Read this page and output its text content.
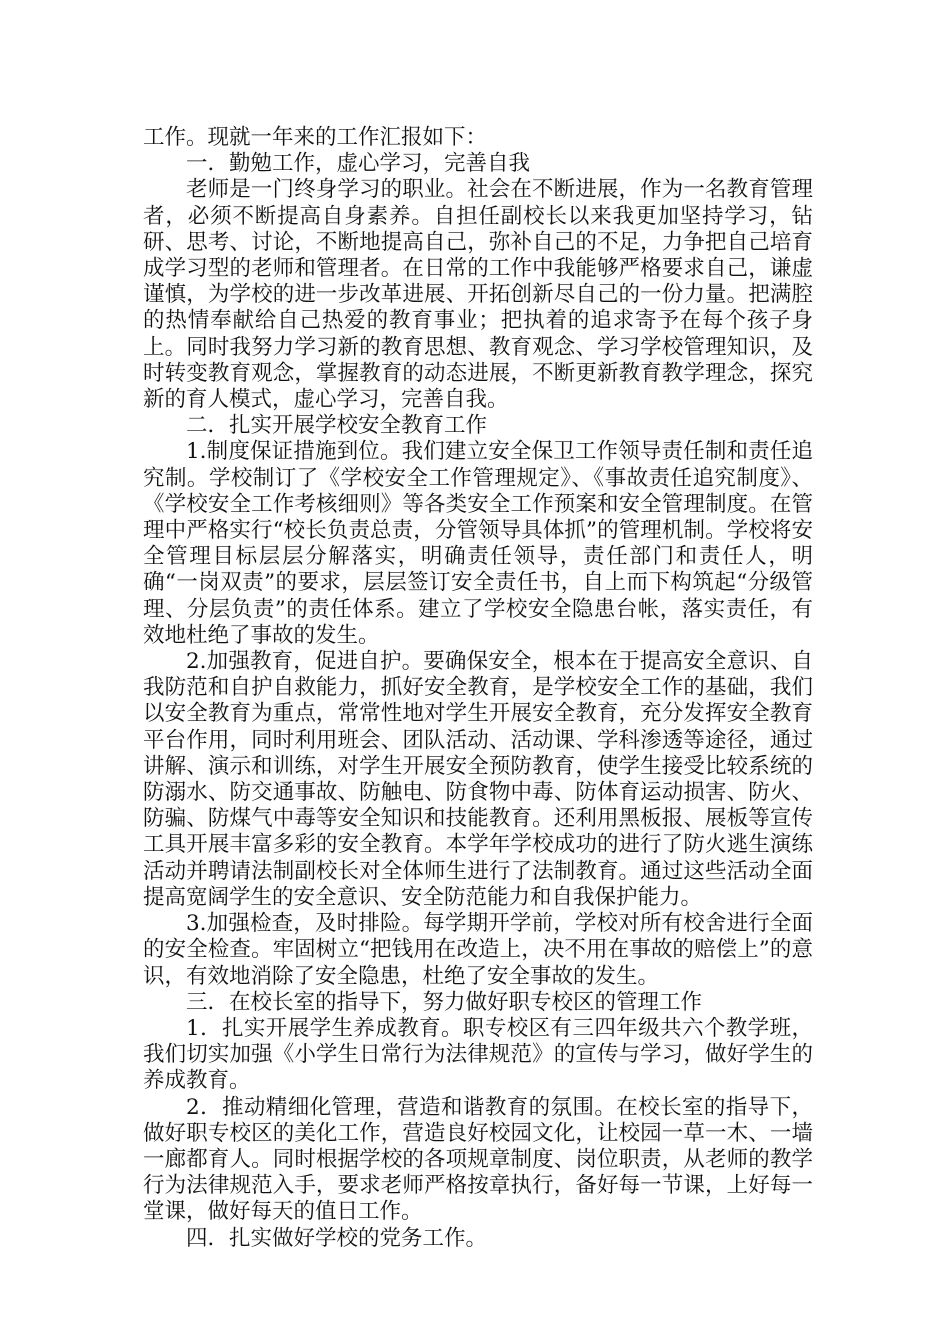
工作。现就一年来的工作汇报如下：

一．勤勉工作，虚心学习，完善自我

老师是一门终身学习的职业。社会在不断进展，作为一名教育管理者，必须不断提高自身素养。自担任副校长以来我更加坚持学习，钻研、思考、讨论，不断地提高自己，弥补自己的不足，力争把自己培育成学习型的老师和管理者。在日常的工作中我能够严格要求自己，谦虚谨慎，为学校的进一步改革进展、开拓创新尽自己的一份力量。把满腔的热情奉献给自己热爱的教育事业；把执着的追求寄予在每个孩子身上。同时我努力学习新的教育思想、教育观念、学习学校管理知识，及时转变教育观念，掌握教育的动态进展，不断更新教育教学理念，探究新的育人模式，虚心学习，完善自我。

二．扎实开展学校安全教育工作

1.制度保证措施到位。我们建立安全保卫工作领导责任制和责任追究制。学校制订了《学校安全工作管理规定》、《事故责任追究制度》、《学校安全工作考核细则》等各类安全工作预案和安全管理制度。在管理中严格实行“校长负责总责，分管领导具体抓”的管理机制。学校将安全管理目标层层分解落实，明确责任领导，责任部门和责任人，明确“一岗双责”的要求，层层签订安全责任书，自上而下构筑起“分级管理、分层负责”的责任体系。建立了学校安全隐患台帐，落实责任，有效地杜绝了事故的发生。

2.加强教育，促进自护。要确保安全，根本在于提高安全意识、自我防范和自护自救能力，抓好安全教育，是学校安全工作的基础，我们以安全教育为重点，常常性地对学生开展安全教育，充分发挥安全教育平台作用，同时利用班会、团队活动、活动课、学科渗透等途径，通过讲解、演示和训练，对学生开展安全预防教育，使学生接受比较系统的防溺水、防交通事故、防触电、防食物中毒、防体育运动损害、防火、防骗、防煤气中毒等安全知识和技能教育。还利用黑板报、展板等宣传工具开展丰富多彩的安全教育。本学年学校成功的进行了防火逃生演练活动并聘请法制副校长对全体师生进行了法制教育。通过这些活动全面提高宽阔学生的安全意识、安全防范能力和自我保护能力。

3.加强检查，及时排险。每学期开学前，学校对所有校舍进行全面的安全检查。牢固树立“把钱用在改造上，决不用在事故的赔偿上”的意识，有效地消除了安全隐患，杜绝了安全事故的发生。

三．在校长室的指导下，努力做好职专校区的管理工作

1．扎实开展学生养成教育。职专校区有三四年级共六个教学班，我们切实加强《小学生日常行为法律规范》的宣传与学习，做好学生的养成教育。

2．推动精细化管理，营造和谐教育的氛围。在校长室的指导下，做好职专校区的美化工作，营造良好校园文化，让校园一草一木、一墙一廊都育人。同时根据学校的各项规章制度、岗位职责，从老师的教学行为法律规范入手，要求老师严格按章执行，备好每一节课，上好每一堂课，做好每天的值日工作。

四．扎实做好学校的党务工作。
